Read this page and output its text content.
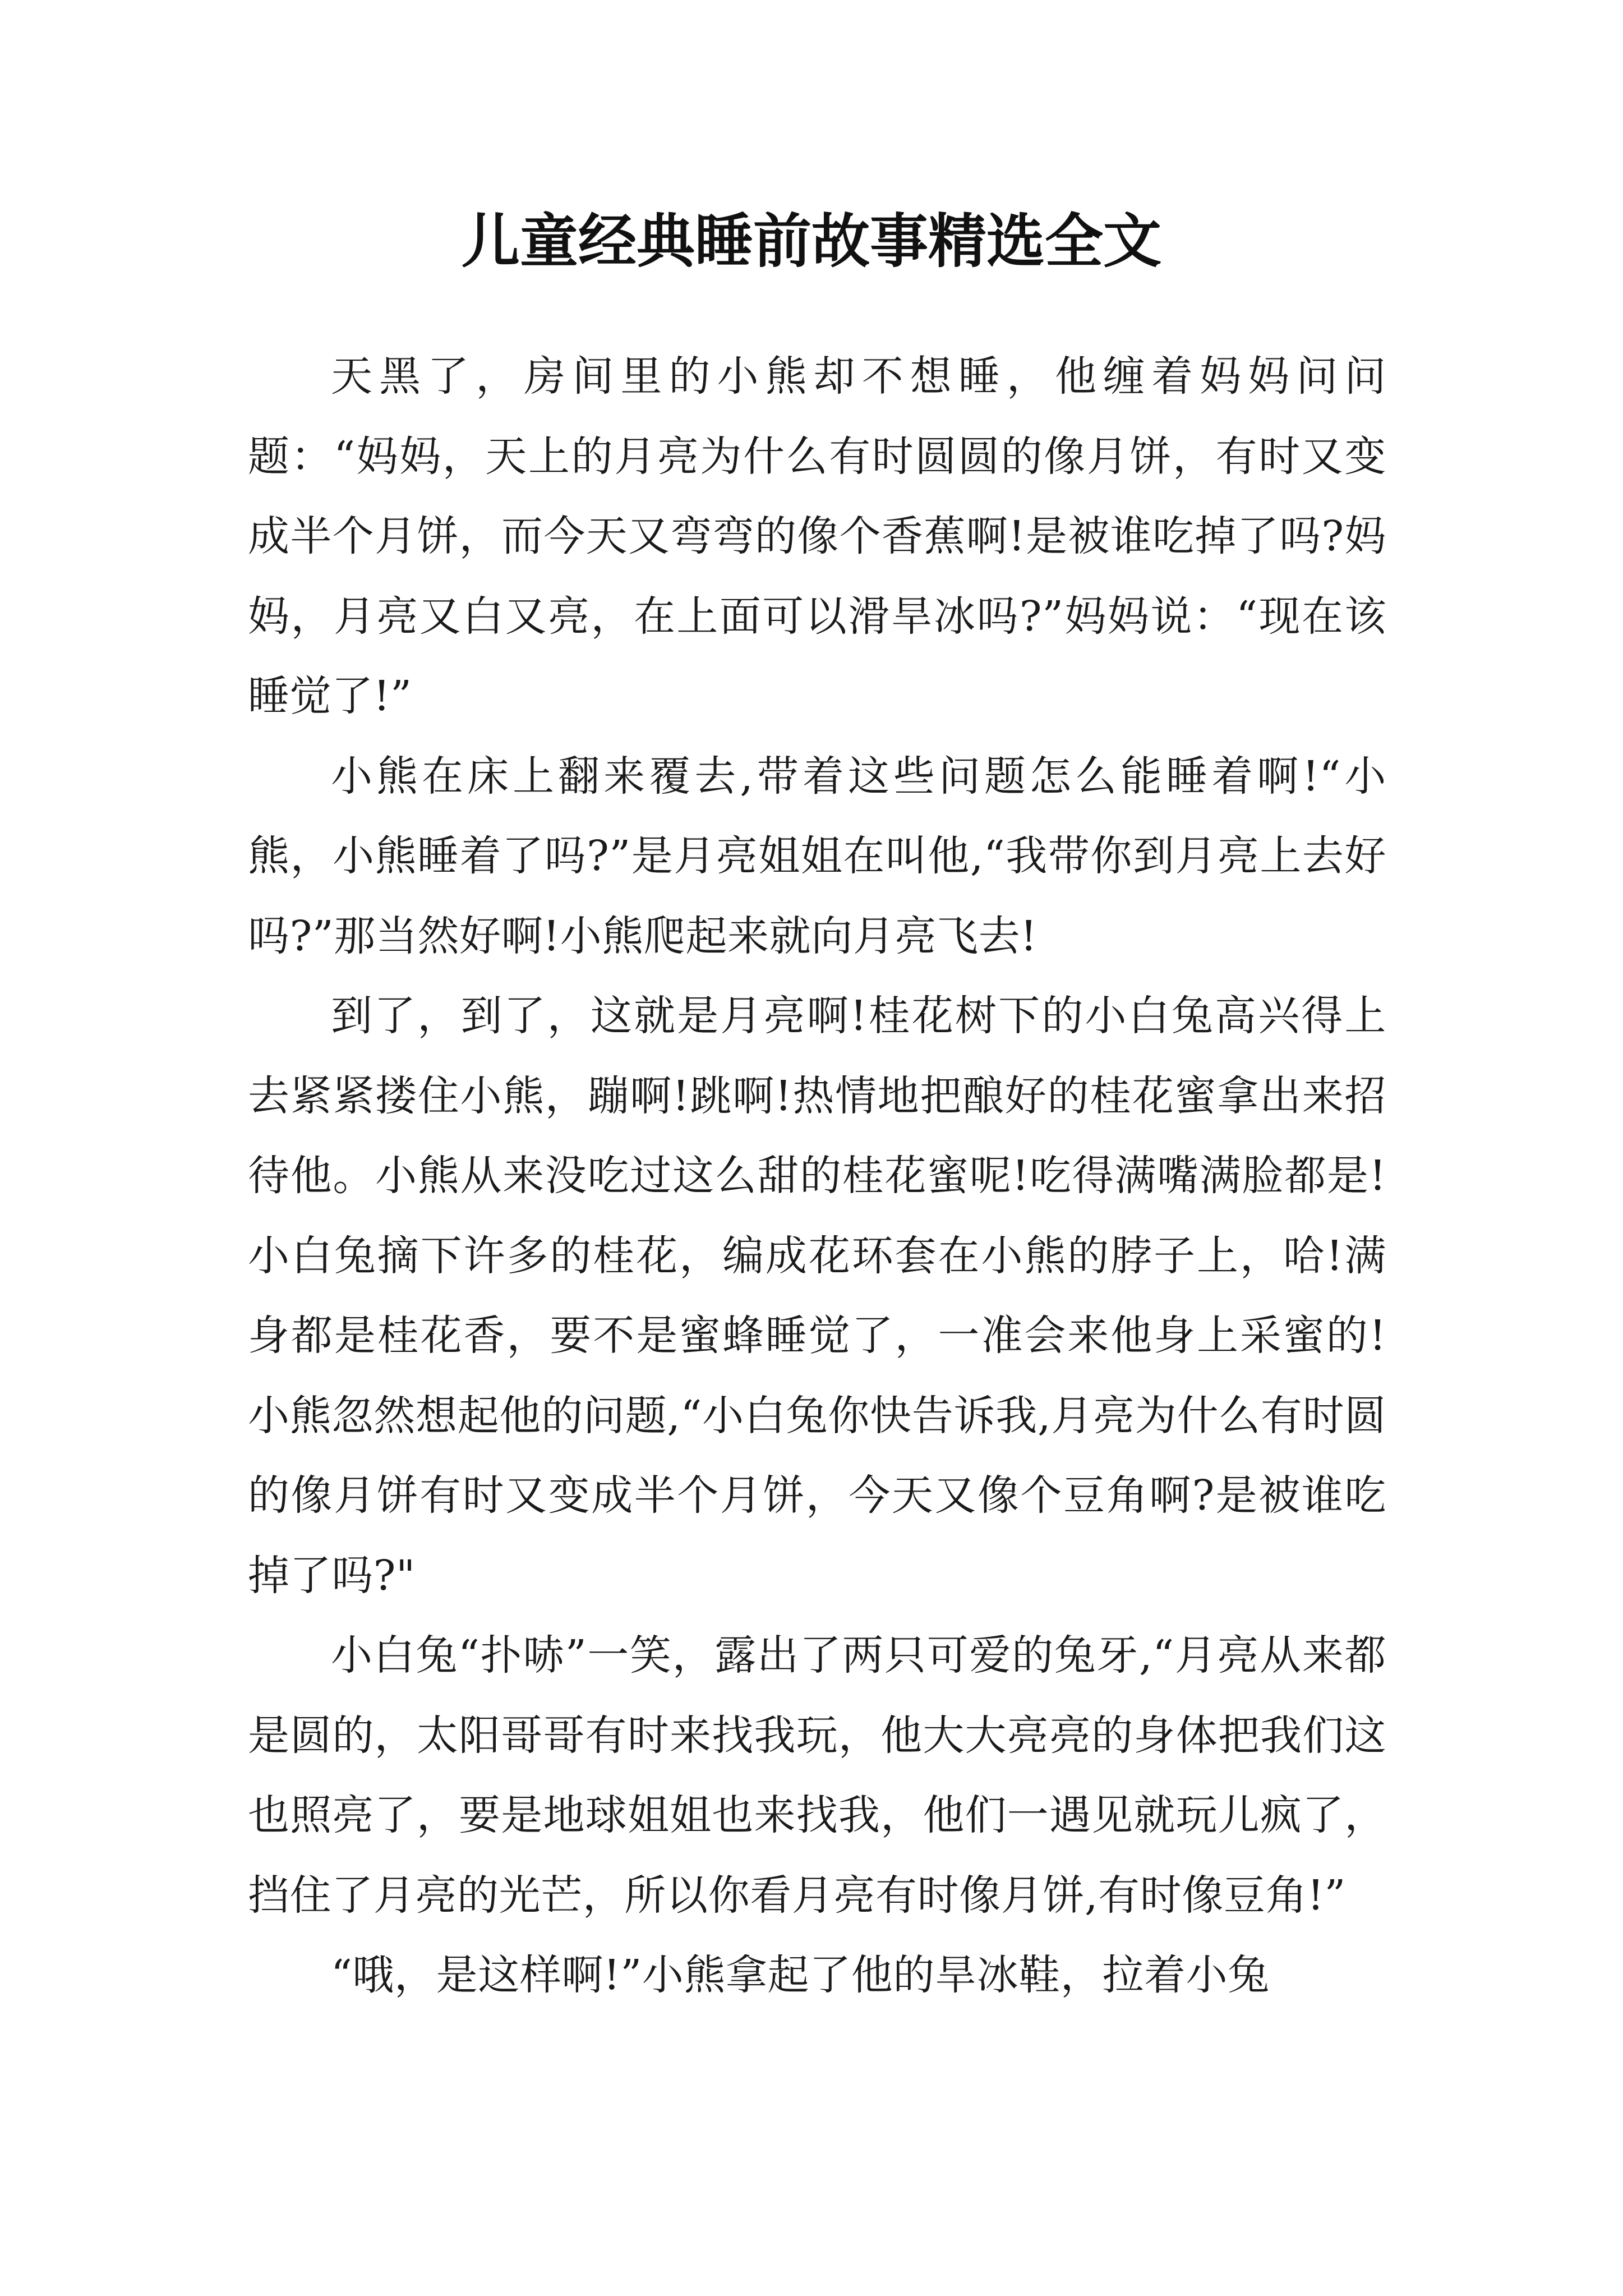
儿童经典睡前故事精选全文

天黑了，房间里的小熊却不想睡，他缠着妈妈问问题：“妈妈，天上的月亮为什么有时圆圆的像月饼，有时又变成半个月饼，而今天又弯弯的像个香蕉啊!是被谁吃掉了吗?妈妈，月亮又白又亮，在上面可以滑旱冰吗?”妈妈说：“现在该睡觉了!”

小熊在床上翻来覆去,带着这些问题怎么能睡着啊!“小熊，小熊睡着了吗?”是月亮姐姐在叫他,“我带你到月亮上去好吗?”那当然好啊!小熊爬起来就向月亮飞去!

到了，到了，这就是月亮啊!桂花树下的小白兔高兴得上去紧紧搂住小熊，蹦啊!跳啊!热情地把酿好的桂花蜜拿出来招待他。小熊从来没吃过这么甜的桂花蜜呢!吃得满嘴满脸都是!小白兔摘下许多的桂花，编成花环套在小熊的脖子上，哈!满身都是桂花香，要不是蜜蜂睡觉了，一准会来他身上采蜜的!小熊忽然想起他的问题,“小白兔你快告诉我,月亮为什么有时圆的像月饼有时又变成半个月饼，今天又像个豆角啊?是被谁吃掉了吗?"

小白兔“扑哧”一笑，露出了两只可爱的兔牙,“月亮从来都是圆的，太阳哥哥有时来找我玩，他大大亮亮的身体把我们这也照亮了，要是地球姐姐也来找我，他们一遇见就玩儿疯了，挡住了月亮的光芒，所以你看月亮有时像月饼,有时像豆角!”

“哦，是这样啊!”小熊拿起了他的旱冰鞋，拉着小兔
